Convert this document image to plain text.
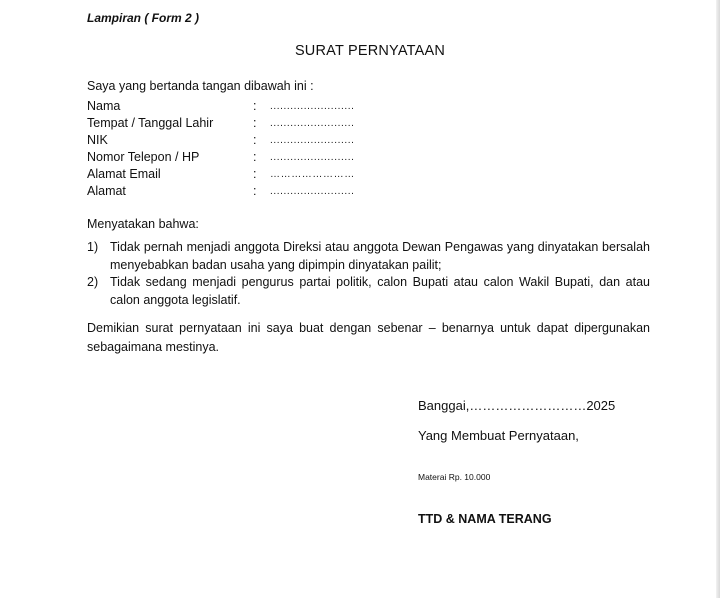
Lampiran ( Form 2 )
SURAT PERNYATAAN
Saya yang bertanda tangan dibawah ini :
Nama	: .........................
Tempat / Tanggal Lahir	: .........................
NIK	: .........................
Nomor Telepon / HP	: .........................
Alamat Email	: ……………………
Alamat	: .........................
Menyatakan bahwa:
1) Tidak pernah menjadi anggota Direksi atau anggota Dewan Pengawas yang dinyatakan bersalah menyebabkan badan usaha yang dipimpin dinyatakan pailit;
2) Tidak sedang menjadi pengurus partai politik, calon Bupati atau calon Wakil Bupati, dan atau calon anggota legislatif.
Demikian surat pernyataan ini saya buat dengan sebenar – benarnya untuk dapat dipergunakan sebagaimana mestinya.
Banggai,………………………2025
Yang Membuat Pernyataan,
Materai Rp. 10.000
TTD & NAMA TERANG
